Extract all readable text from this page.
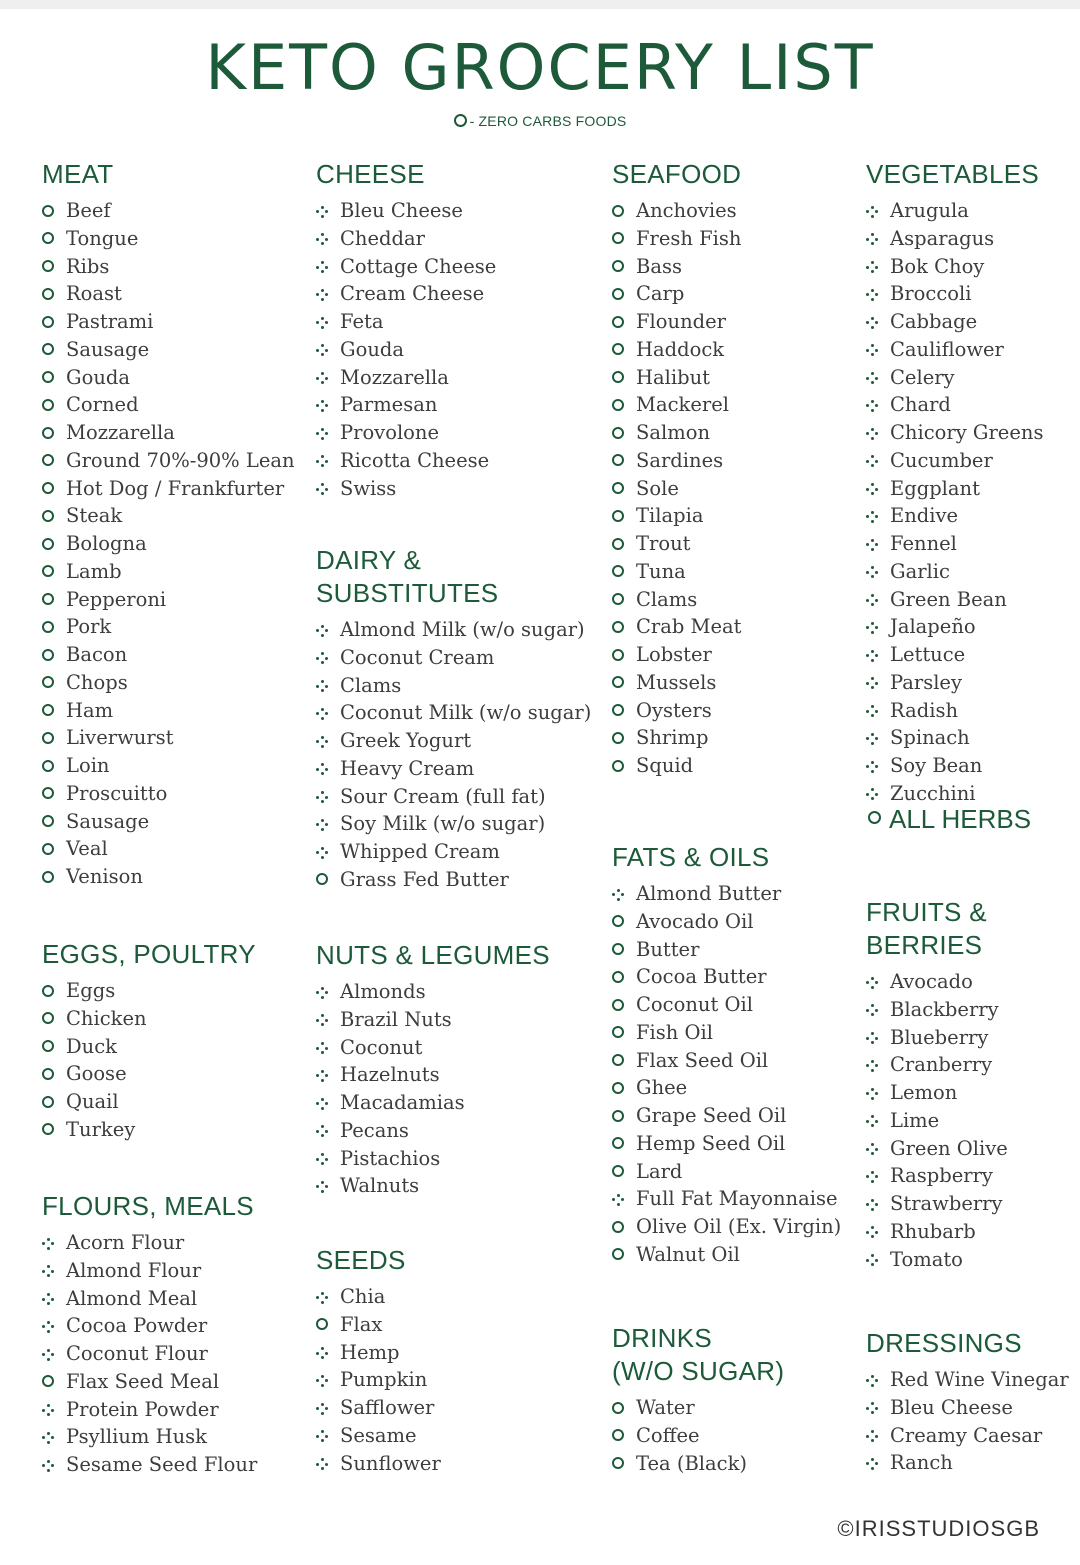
KETO GROCERY LIST
- ZERO CARBS FOODS
MEAT
Beef
Tongue
Ribs
Roast
Pastrami
Sausage
Gouda
Corned
Mozzarella
Ground 70%-90% Lean
Hot Dog / Frankfurter
Steak
Bologna
Lamb
Pepperoni
Pork
Bacon
Chops
Ham
Liverwurst
Loin
Proscuitto
Sausage
Veal
Venison
EGGS, POULTRY
Eggs
Chicken
Duck
Goose
Quail
Turkey
FLOURS, MEALS
Acorn Flour
Almond Flour
Almond Meal
Cocoa Powder
Coconut Flour
Flax Seed Meal
Protein Powder
Psyllium Husk
Sesame Seed Flour
CHEESE
Bleu Cheese
Cheddar
Cottage Cheese
Cream Cheese
Feta
Gouda
Mozzarella
Parmesan
Provolone
Ricotta Cheese
Swiss
DAIRY &
SUBSTITUTES
Almond Milk (w/o sugar)
Coconut Cream
Clams
Coconut Milk (w/o sugar)
Greek Yogurt
Heavy Cream
Sour Cream (full fat)
Soy Milk (w/o sugar)
Whipped Cream
Grass Fed Butter
NUTS & LEGUMES
Almonds
Brazil Nuts
Coconut
Hazelnuts
Macadamias
Pecans
Pistachios
Walnuts
SEEDS
Chia
Flax
Hemp
Pumpkin
Safflower
Sesame
Sunflower
SEAFOOD
Anchovies
Fresh Fish
Bass
Carp
Flounder
Haddock
Halibut
Mackerel
Salmon
Sardines
Sole
Tilapia
Trout
Tuna
Clams
Crab Meat
Lobster
Mussels
Oysters
Shrimp
Squid
FATS & OILS
Almond Butter
Avocado Oil
Butter
Cocoa Butter
Coconut Oil
Fish Oil
Flax Seed Oil
Ghee
Grape Seed Oil
Hemp Seed Oil
Lard
Full Fat Mayonnaise
Olive Oil (Ex. Virgin)
Walnut Oil
DRINKS
(W/O SUGAR)
Water
Coffee
Tea (Black)
VEGETABLES
Arugula
Asparagus
Bok Choy
Broccoli
Cabbage
Cauliflower
Celery
Chard
Chicory Greens
Cucumber
Eggplant
Endive
Fennel
Garlic
Green Bean
Jalapeño
Lettuce
Parsley
Radish
Spinach
Soy Bean
Zucchini
ALL HERBS
FRUITS &
BERRIES
Avocado
Blackberry
Blueberry
Cranberry
Lemon
Lime
Green Olive
Raspberry
Strawberry
Rhubarb
Tomato
DRESSINGS
Red Wine Vinegar
Bleu Cheese
Creamy Caesar
Ranch
©IRISSTUDIOSGB
